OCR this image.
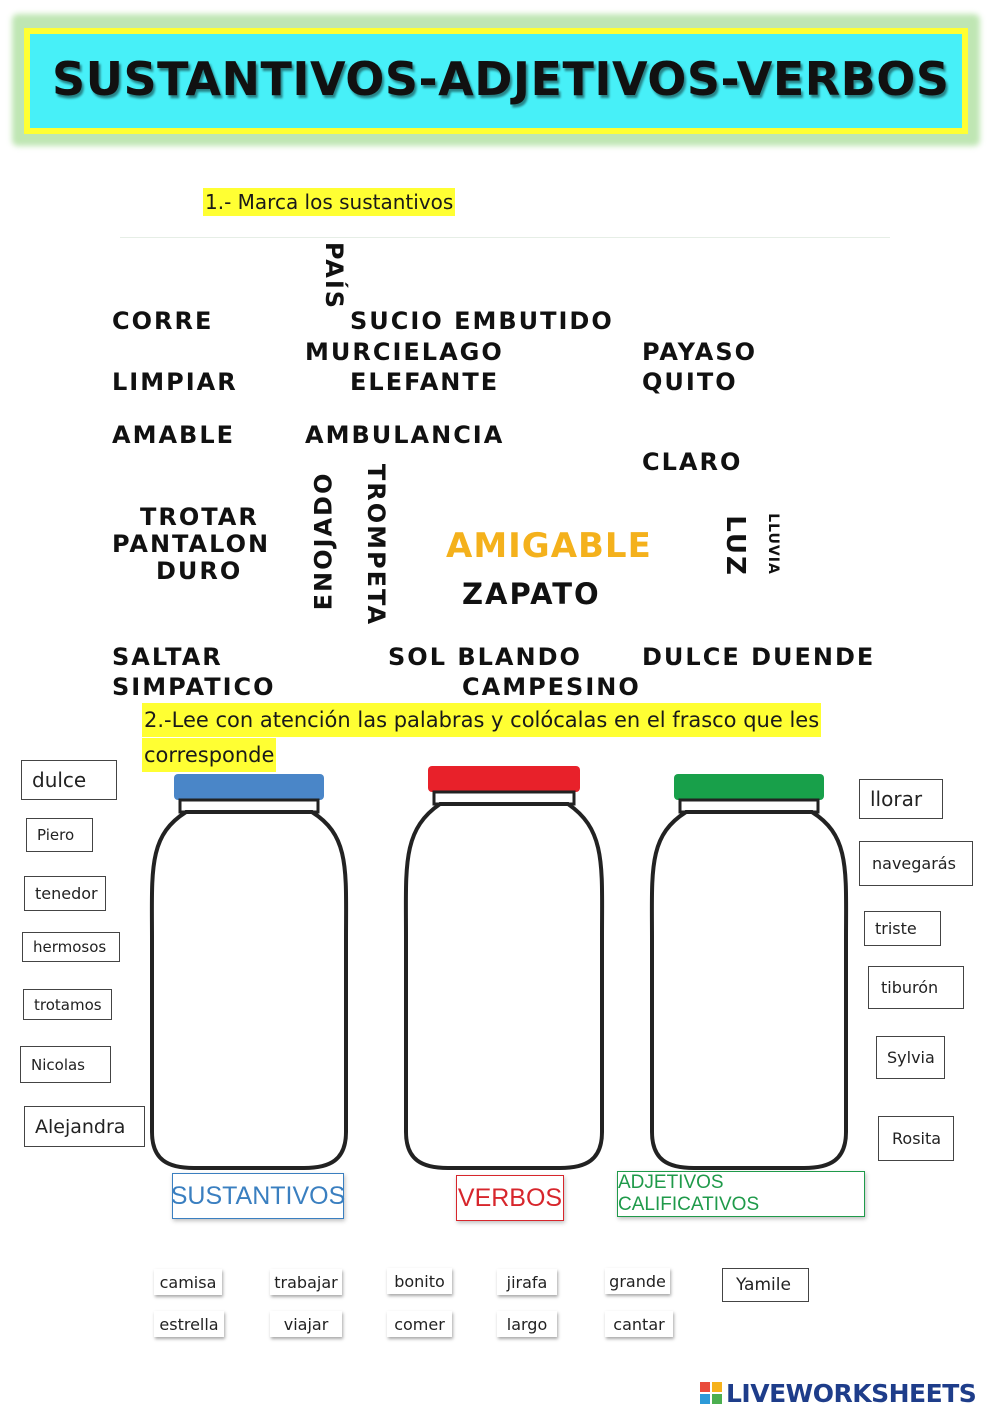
SUSTANTIVOS-ADJETIVOS-VERBOS
1.- Marca los sustantivos
PAÍS
CORRE	SUCIO EMBUTIDO
MURCIELAGO	PAYASO
LIMPIAR	ELEFANTE	QUITO
AMABLE	AMBULANCIA
CLARO
TROTAR
PANTALON
DURO	ENOJADO TROMPETA AMIGABLE	LUZ LLUVIA
ZAPATO
SALTAR	SOL BLANDO	DULCE DUENDE
SIMPATICO	CAMPESINO
2.-Lee con atención las palabras y colócalas en el frasco que les
corresponde
SUSTANTIVOS	VERBOS
ADJETIVOS CALIFICATIVOS
dulce
Piero
tenedor
hermosos
trotamos
Nicolas
Alejandra
llorar
navegarás
triste
tiburón
Sylvia
Rosita
camisa	trabajar	bonito	jirafa	grande
estrella	viajar	comer	largo	cantar
Yamile
LIVEWORKSHEETS
